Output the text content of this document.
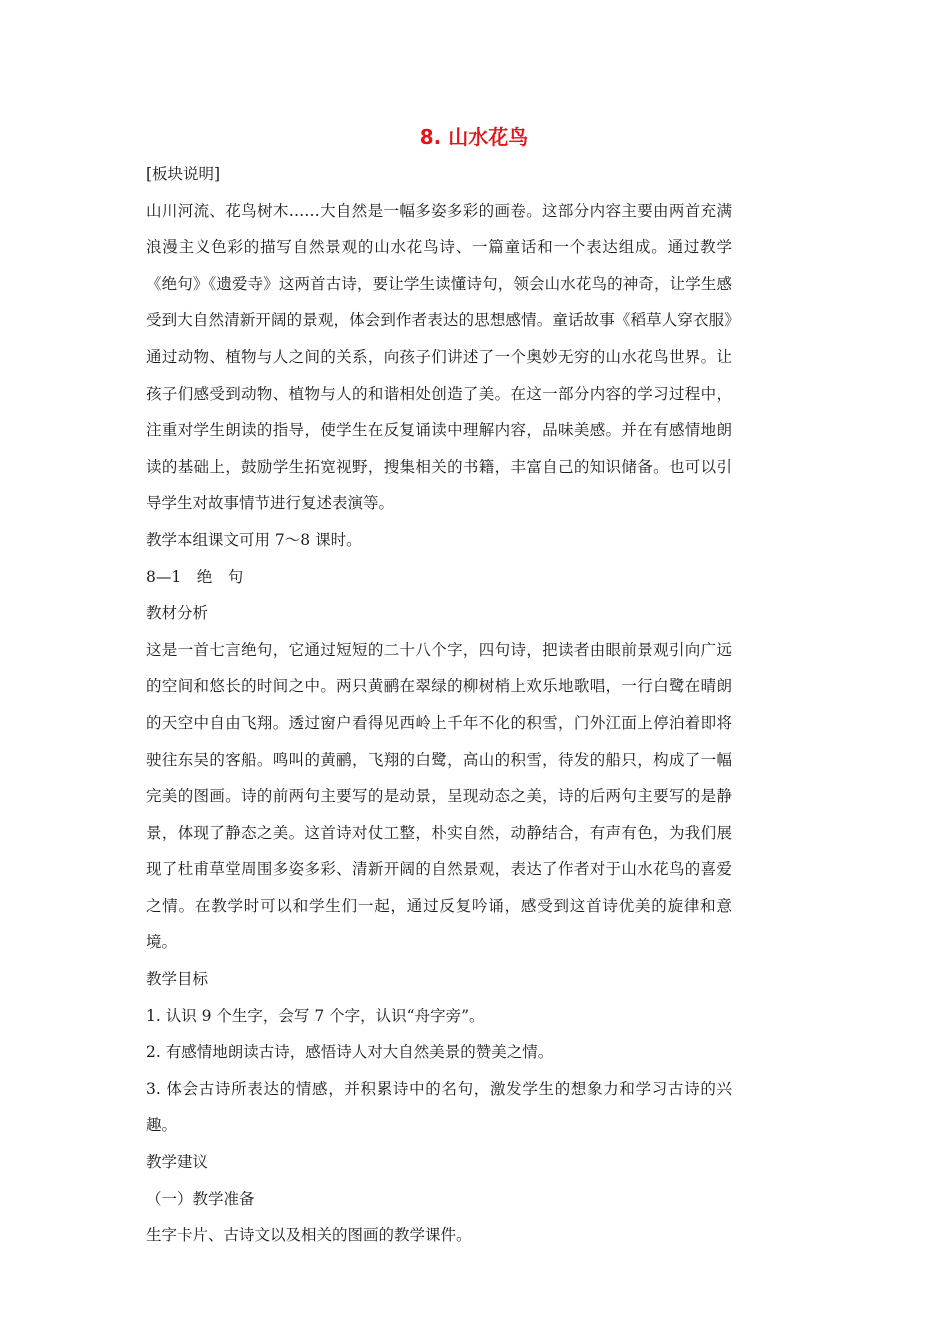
8. 山水花鸟

[板块说明]

山川河流、花鸟树木……大自然是一幅多姿多彩的画卷。这部分内容主要由两首充满浪漫主义色彩的描写自然景观的山水花鸟诗、一篇童话和一个表达组成。通过教学《绝句》《遗爱寺》这两首古诗，要让学生读懂诗句，领会山水花鸟的神奇，让学生感受到大自然清新开阔的景观，体会到作者表达的思想感情。童话故事《稻草人穿衣服》通过动物、植物与人之间的关系，向孩子们讲述了一个奥妙无穷的山水花鸟世界。让孩子们感受到动物、植物与人的和谐相处创造了美。在这一部分内容的学习过程中，注重对学生朗读的指导，使学生在反复诵读中理解内容，品味美感。并在有感情地朗读的基础上，鼓励学生拓宽视野，搜集相关的书籍，丰富自己的知识储备。也可以引导学生对故事情节进行复述表演等。

教学本组课文可用 7～8 课时。

8—1　绝　句

教材分析

这是一首七言绝句，它通过短短的二十八个字，四句诗，把读者由眼前景观引向广远的空间和悠长的时间之中。两只黄鹂在翠绿的柳树梢上欢乐地歌唱，一行白鹭在晴朗的天空中自由飞翔。透过窗户看得见西岭上千年不化的积雪，门外江面上停泊着即将驶往东吴的客船。鸣叫的黄鹂，飞翔的白鹭，高山的积雪，待发的船只，构成了一幅完美的图画。诗的前两句主要写的是动景，呈现动态之美，诗的后两句主要写的是静景，体现了静态之美。这首诗对仗工整，朴实自然，动静结合，有声有色，为我们展现了杜甫草堂周围多姿多彩、清新开阔的自然景观，表达了作者对于山水花鸟的喜爱之情。在教学时可以和学生们一起，通过反复吟诵，感受到这首诗优美的旋律和意境。

教学目标

1. 认识 9 个生字，会写 7 个字，认识“舟字旁”。

2. 有感情地朗读古诗，感悟诗人对大自然美景的赞美之情。

3. 体会古诗所表达的情感，并积累诗中的名句，激发学生的想象力和学习古诗的兴趣。

教学建议

（一）教学准备

生字卡片、古诗文以及相关的图画的教学课件。
